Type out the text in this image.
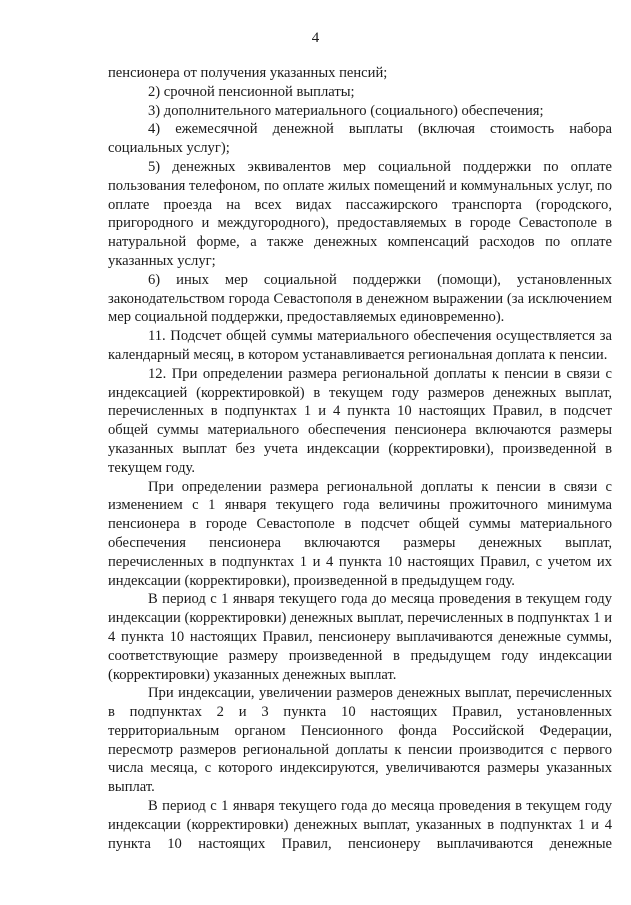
4

пенсионера от получения указанных пенсий;

2) срочной пенсионной выплаты;

3) дополнительного материального (социального) обеспечения;

4) ежемесячной денежной выплаты (включая стоимость набора социальных услуг);

5) денежных эквивалентов мер социальной поддержки по оплате пользования телефоном, по оплате жилых помещений и коммунальных услуг, по оплате проезда на всех видах пассажирского транспорта (городского, пригородного и междугородного), предоставляемых в городе Севастополе в натуральной форме, а также денежных компенсаций расходов по оплате указанных услуг;

6) иных мер социальной поддержки (помощи), установленных законодательством города Севастополя в денежном выражении (за исключением мер социальной поддержки, предоставляемых единовременно).

11. Подсчет общей суммы материального обеспечения осуществляется за календарный месяц, в котором устанавливается региональная доплата к пенсии.

12. При определении размера региональной доплаты к пенсии в связи с индексацией (корректировкой) в текущем году размеров денежных выплат, перечисленных в подпунктах 1 и 4 пункта 10 настоящих Правил, в подсчет общей суммы материального обеспечения пенсионера включаются размеры указанных выплат без учета индексации (корректировки), произведенной в текущем году.

При определении размера региональной доплаты к пенсии в связи с изменением с 1 января текущего года величины прожиточного минимума пенсионера в городе Севастополе в подсчет общей суммы материального обеспечения пенсионера включаются размеры денежных выплат, перечисленных в подпунктах 1 и 4 пункта 10 настоящих Правил, с учетом их индексации (корректировки), произведенной в предыдущем году.

В период с 1 января текущего года до месяца проведения в текущем году индексации (корректировки) денежных выплат, перечисленных в подпунктах 1 и 4 пункта 10 настоящих Правил, пенсионеру выплачиваются денежные суммы, соответствующие размеру произведенной в предыдущем году индексации (корректировки) указанных денежных выплат.

При индексации, увеличении размеров денежных выплат, перечисленных в подпунктах 2 и 3 пункта 10 настоящих Правил, установленных территориальным органом Пенсионного фонда Российской Федерации, пересмотр размеров региональной доплаты к пенсии производится с первого числа месяца, с которого индексируются, увеличиваются размеры указанных выплат.

В период с 1 января текущего года до месяца проведения в текущем году индексации (корректировки) денежных выплат, указанных в подпунктах 1 и 4 пункта 10 настоящих Правил, пенсионеру выплачиваются денежные
